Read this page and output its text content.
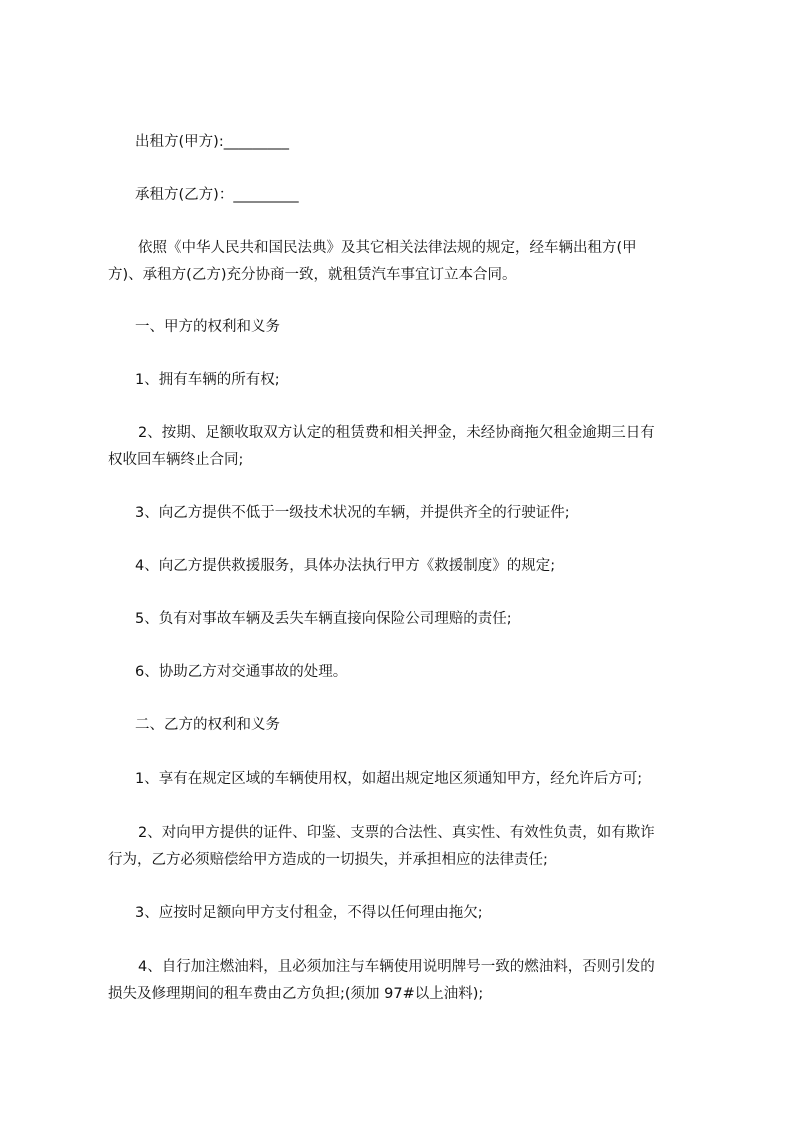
出租方(甲方):_________
承租方(乙方)：_________
依照《中华人民共和国民法典》及其它相关法律法规的规定，经车辆出租方(甲
方)、承租方(乙方)充分协商一致，就租赁汽车事宜订立本合同。
一、甲方的权利和义务
1、拥有车辆的所有权;
2、按期、足额收取双方认定的租赁费和相关押金，未经协商拖欠租金逾期三日有
权收回车辆终止合同;
3、向乙方提供不低于一级技术状况的车辆，并提供齐全的行驶证件;
4、向乙方提供救援服务，具体办法执行甲方《救援制度》的规定;
5、负有对事故车辆及丢失车辆直接向保险公司理赔的责任;
6、协助乙方对交通事故的处理。
二、乙方的权利和义务
1、享有在规定区域的车辆使用权，如超出规定地区须通知甲方，经允许后方可;
2、对向甲方提供的证件、印鉴、支票的合法性、真实性、有效性负责，如有欺诈
行为，乙方必须赔偿给甲方造成的一切损失，并承担相应的法律责任;
3、应按时足额向甲方支付租金，不得以任何理由拖欠;
4、自行加注燃油料，且必须加注与车辆使用说明牌号一致的燃油料，否则引发的
损失及修理期间的租车费由乙方负担;(须加 97#以上油料);
